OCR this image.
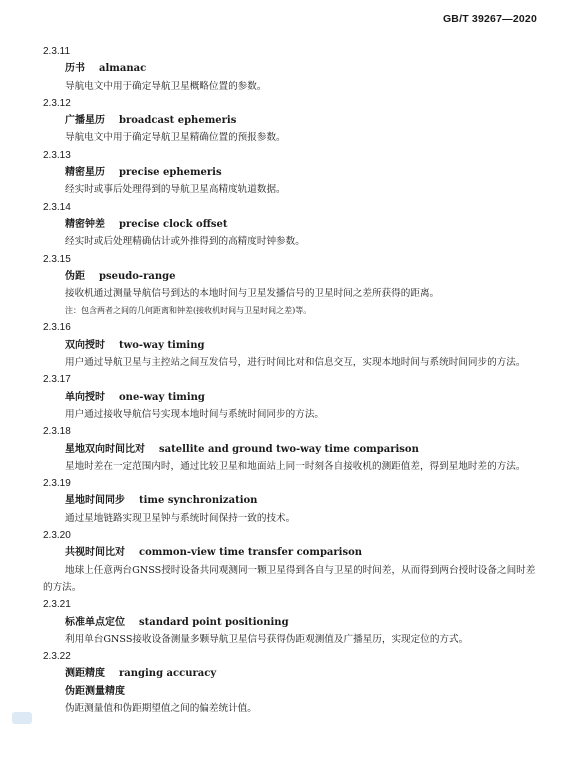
GB/T 39267—2020
2.3.11
历书 almanac
导航电文中用于确定导航卫星概略位置的参数。
2.3.12
广播星历 broadcast ephemeris
导航电文中用于确定导航卫星精确位置的预报参数。
2.3.13
精密星历 precise ephemeris
经实时或事后处理得到的导航卫星高精度轨道数据。
2.3.14
精密钟差 precise clock offset
经实时或后处理精确估计或外推得到的高精度时钟参数。
2.3.15
伪距 pseudo-range
接收机通过测量导航信号到达的本地时间与卫星发播信号的卫星时间之差所获得的距离。
注：包含两者之间的几何距离和钟差(接收机时间与卫星时间之差)等。
2.3.16
双向授时 two-way timing
用户通过导航卫星与主控站之间互发信号，进行时间比对和信息交互，实现本地时间与系统时间同步的方法。
2.3.17
单向授时 one-way timing
用户通过接收导航信号实现本地时间与系统时间同步的方法。
2.3.18
星地双向时间比对 satellite and ground two-way time comparison
星地时差在一定范围内时，通过比较卫星和地面站上同一时刻各自接收机的测距值差，得到星地时差的方法。
2.3.19
星地时间同步 time synchronization
通过星地链路实现卫星钟与系统时间保持一致的技术。
2.3.20
共视时间比对 common-view time transfer comparison
地球上任意两台GNSS授时设备共同观测同一颗卫星得到各自与卫星的时间差，从而得到两台授时设备之间时差的方法。
2.3.21
标准单点定位 standard point positioning
利用单台GNSS接收设备测量多颗导航卫星信号获得伪距观测值及广播星历，实现定位的方式。
2.3.22
测距精度 ranging accuracy
伪距测量精度
伪距测量值和伪距期望值之间的偏差统计值。
